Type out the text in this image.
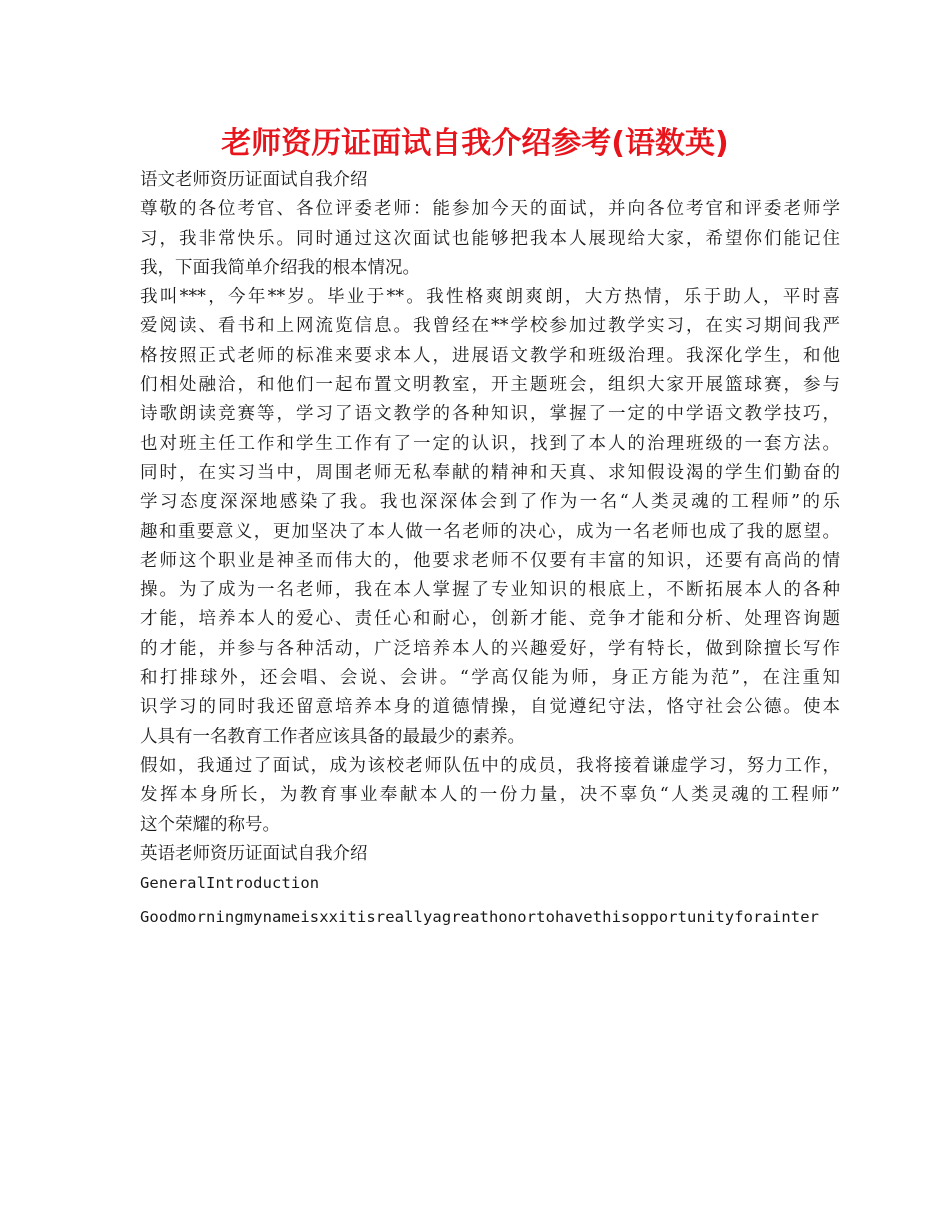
老师资历证面试自我介绍参考(语数英)
语文老师资历证面试自我介绍
尊敬的各位考官、各位评委老师：能参加今天的面试，并向各位考官和评委老师学
习，我非常快乐。同时通过这次面试也能够把我本人展现给大家，希望你们能记住
我，下面我简单介绍我的根本情况。
我叫***，今年**岁。毕业于**。我性格爽朗爽朗，大方热情，乐于助人，平时喜
爱阅读、看书和上网流览信息。我曾经在**学校参加过教学实习，在实习期间我严
格按照正式老师的标准来要求本人，进展语文教学和班级治理。我深化学生，和他
们相处融洽，和他们一起布置文明教室，开主题班会，组织大家开展篮球赛，参与
诗歌朗读竞赛等，学习了语文教学的各种知识，掌握了一定的中学语文教学技巧，
也对班主任工作和学生工作有了一定的认识，找到了本人的治理班级的一套方法。
同时，在实习当中，周围老师无私奉献的精神和天真、求知假设渴的学生们勤奋的
学习态度深深地感染了我。我也深深体会到了作为一名“人类灵魂的工程师”的乐
趣和重要意义，更加坚决了本人做一名老师的决心，成为一名老师也成了我的愿望。
老师这个职业是神圣而伟大的，他要求老师不仅要有丰富的知识，还要有高尚的情
操。为了成为一名老师，我在本人掌握了专业知识的根底上，不断拓展本人的各种
才能，培养本人的爱心、责任心和耐心，创新才能、竞争才能和分析、处理咨询题
的才能，并参与各种活动，广泛培养本人的兴趣爱好，学有特长，做到除擅长写作
和打排球外，还会唱、会说、会讲。“学高仅能为师，身正方能为范”，在注重知
识学习的同时我还留意培养本身的道德情操，自觉遵纪守法，恪守社会公德。使本
人具有一名教育工作者应该具备的最最少的素养。
假如，我通过了面试，成为该校老师队伍中的成员，我将接着谦虚学习，努力工作，
发挥本身所长，为教育事业奉献本人的一份力量，决不辜负“人类灵魂的工程师”
这个荣耀的称号。
英语老师资历证面试自我介绍
GeneralIntroduction
Goodmorningmynameisxxitisreallyagreathonortohavethisopportunityforainter
